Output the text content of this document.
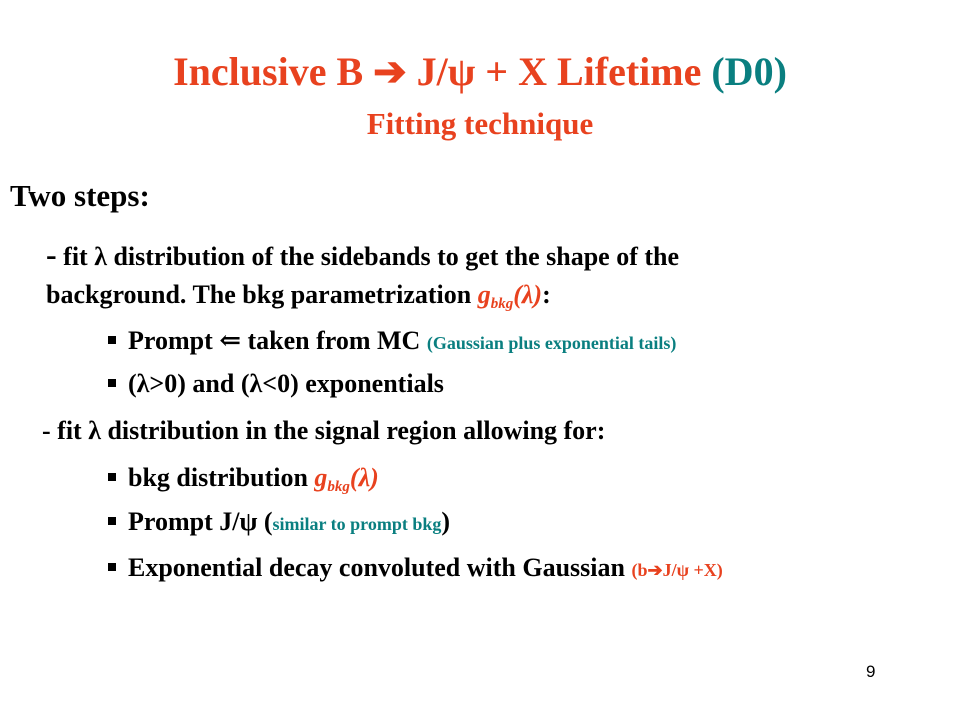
Inclusive B ➔ J/ψ + X Lifetime (D0)
Fitting technique
Two steps:
- fit λ distribution of the sidebands to get the shape of the
background. The bkg parametrization $g_{bkg}(\lambda)$:
Prompt ⇐ taken from MC (Gaussian plus exponential tails)
(λ>0) and (λ<0) exponentials
- fit λ distribution in the signal region allowing for:
bkg distribution $g_{bkg}(\lambda)$
Prompt J/ψ (similar to prompt bkg)
Exponential decay convoluted with Gaussian (b➔J/ψ +X)
9
